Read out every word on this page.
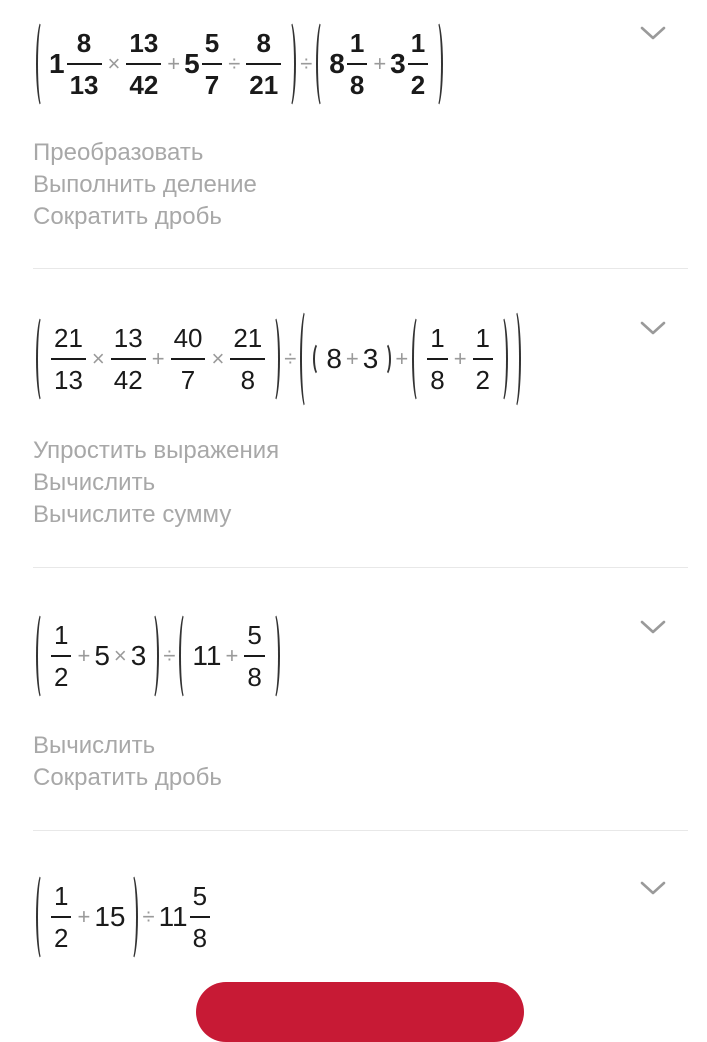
$1 \frac{8}{13} \times \frac{13}{42} + 5 \frac{5}{7} \div \frac{8}{21} \div 8 \frac{1}{8} + 3 \frac{1}{2}$
Преобразовать
Выполнить деление
Сократить дробь
$\frac{21}{13} \times \frac{13}{42} + \frac{40}{7} \times \frac{21}{8} \div 8 + 3 + \frac{1}{8} + \frac{1}{2}$
Упростить выражения
Вычислить
Вычислите сумму
$\frac{1}{2} + 5 \times 3 \div 11 + \frac{5}{8}$
Вычислить
Сократить дробь
$\frac{1}{2} + 15 \div 11 \frac{5}{8}$
